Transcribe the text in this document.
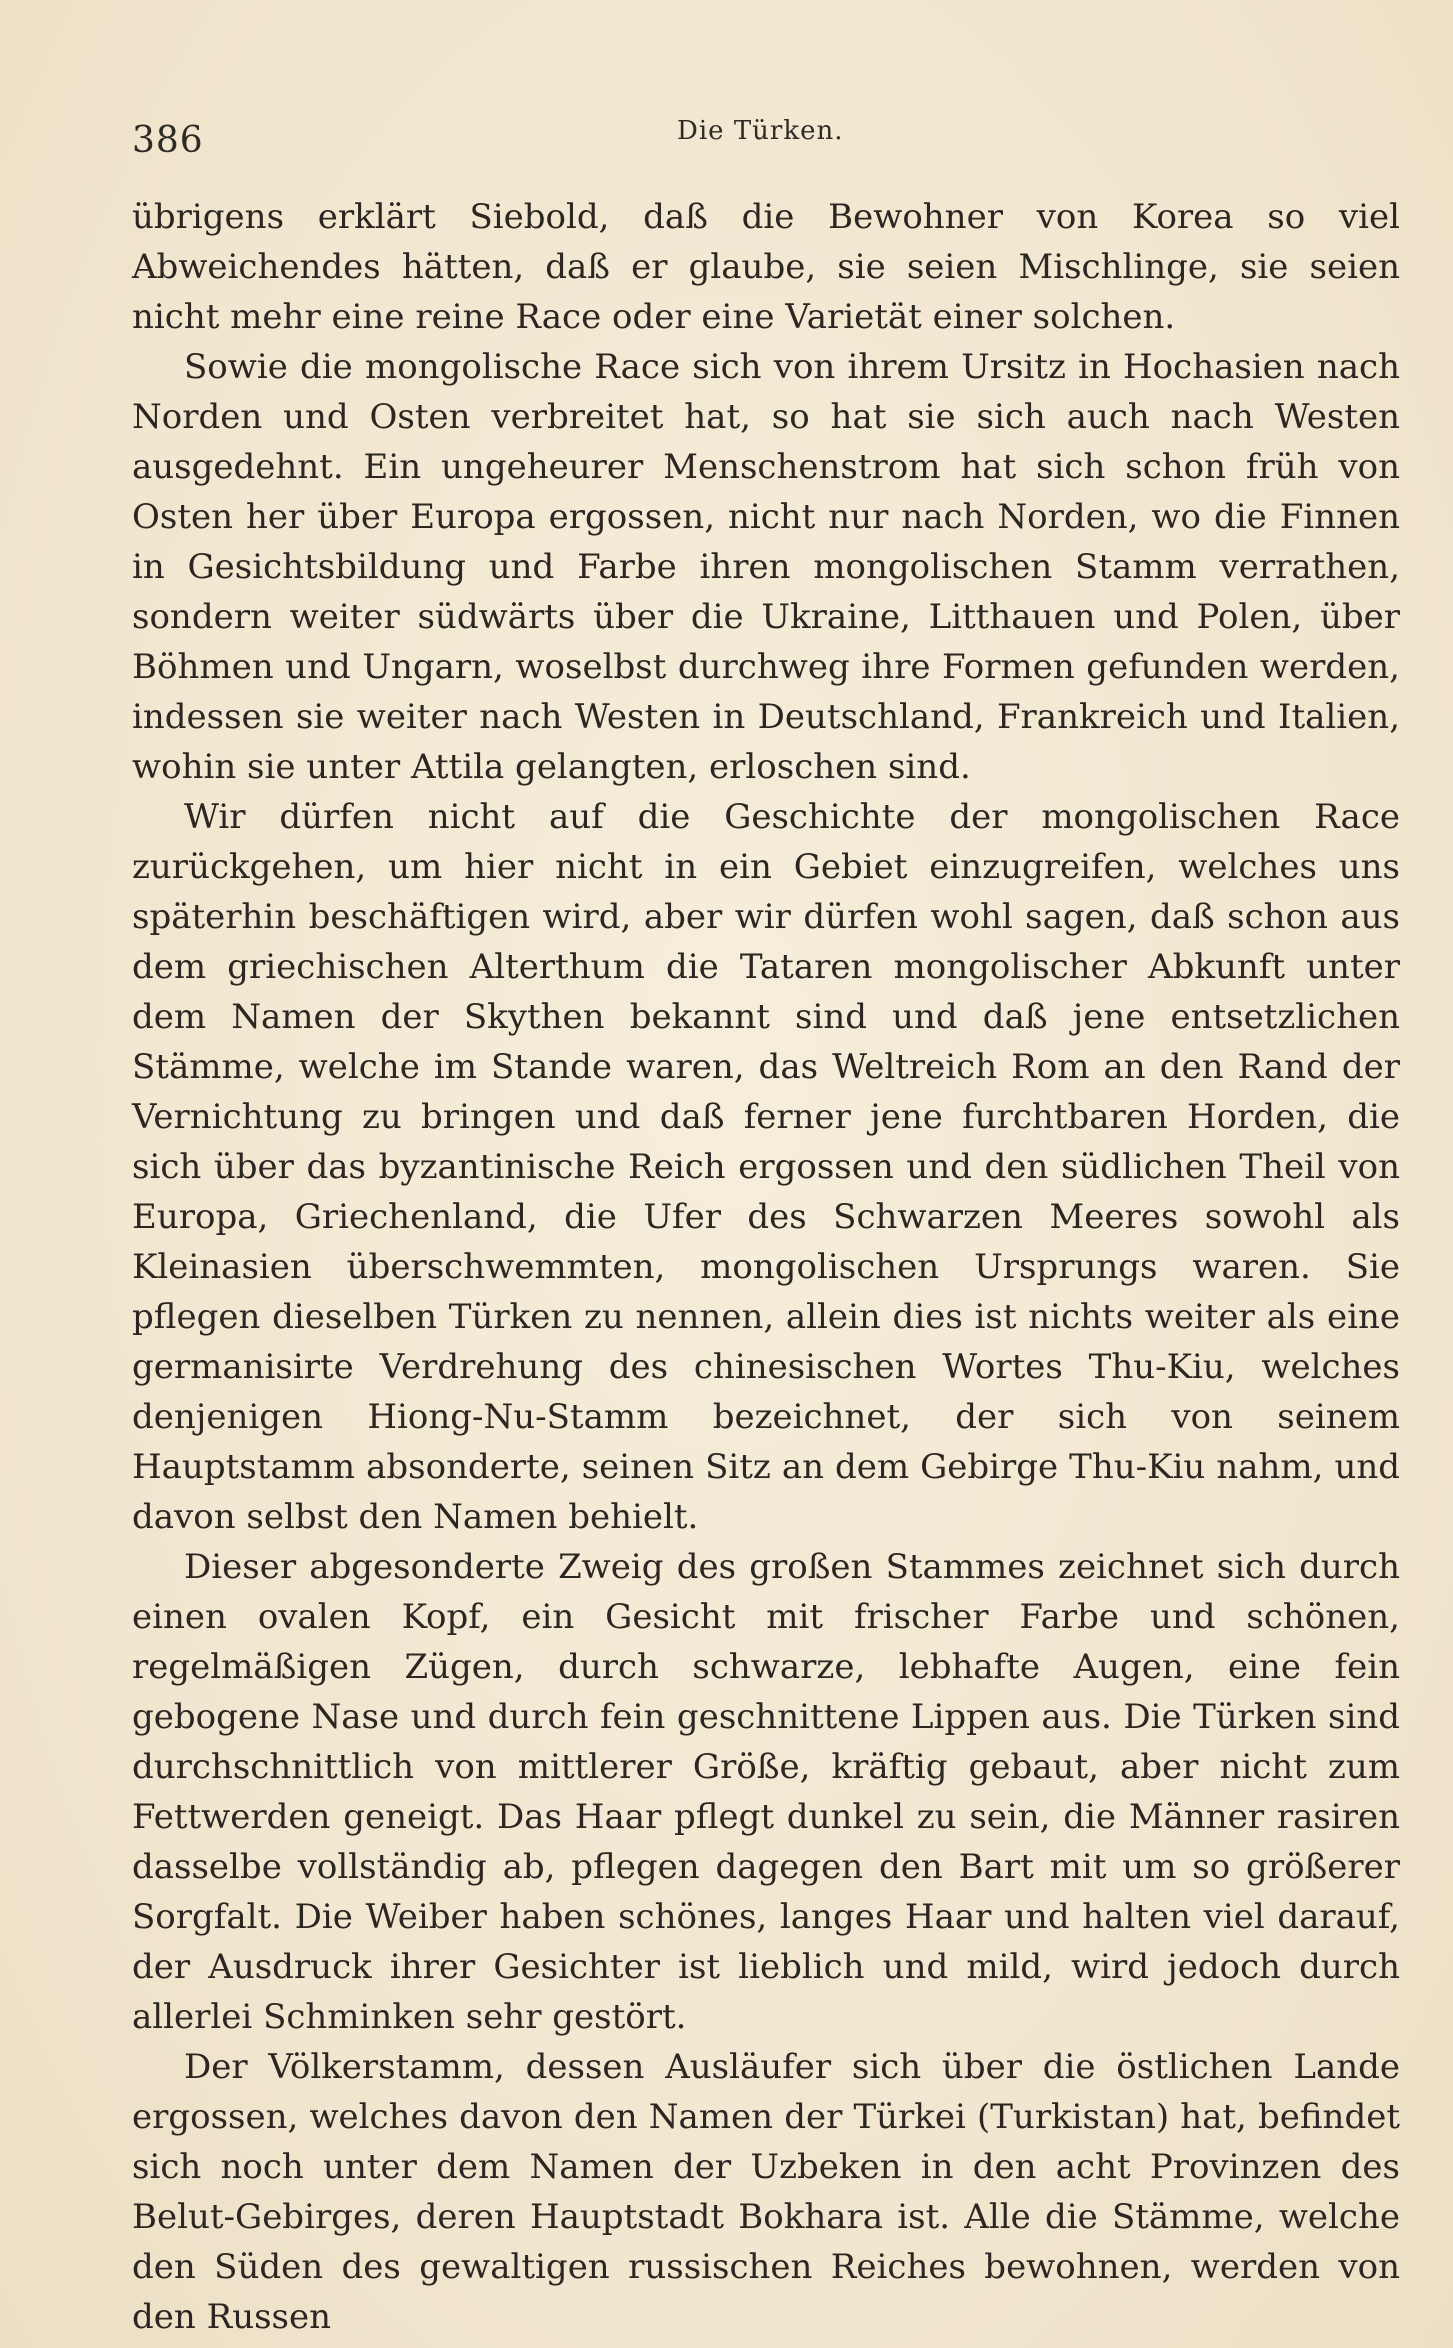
386	Die Türken.

übrigens erklärt Siebold, daß die Bewohner von Korea so viel Abweichendes hätten, daß er glaube, sie seien Mischlinge, sie seien nicht mehr eine reine Race oder eine Varietät einer solchen.

Sowie die mongolische Race sich von ihrem Ursitz in Hochasien nach Norden und Osten verbreitet hat, so hat sie sich auch nach Westen ausgedehnt. Ein ungeheurer Menschenstrom hat sich schon früh von Osten her über Europa ergossen, nicht nur nach Norden, wo die Finnen in Gesichtsbildung und Farbe ihren mongolischen Stamm verrathen, sondern weiter südwärts über die Ukraine, Litthauen und Polen, über Böhmen und Ungarn, woselbst durchweg ihre Formen gefunden werden, indessen sie weiter nach Westen in Deutschland, Frankreich und Italien, wohin sie unter Attila gelangten, erloschen sind.

Wir dürfen nicht auf die Geschichte der mongolischen Race zurückgehen, um hier nicht in ein Gebiet einzugreifen, welches uns späterhin beschäftigen wird, aber wir dürfen wohl sagen, daß schon aus dem griechischen Alterthum die Tataren mongolischer Abkunft unter dem Namen der Skythen bekannt sind und daß jene entsetzlichen Stämme, welche im Stande waren, das Weltreich Rom an den Rand der Vernichtung zu bringen und daß ferner jene furchtbaren Horden, die sich über das byzantinische Reich ergossen und den südlichen Theil von Europa, Griechenland, die Ufer des Schwarzen Meeres sowohl als Kleinasien überschwemmten, mongolischen Ursprungs waren. Sie pflegen dieselben Türken zu nennen, allein dies ist nichts weiter als eine germanisirte Verdrehung des chinesischen Wortes Thu-Kiu, welches denjenigen Hiong-Nu-Stamm bezeichnet, der sich von seinem Hauptstamm absonderte, seinen Sitz an dem Gebirge Thu-Kiu nahm, und davon selbst den Namen behielt.

Dieser abgesonderte Zweig des großen Stammes zeichnet sich durch einen ovalen Kopf, ein Gesicht mit frischer Farbe und schönen, regelmäßigen Zügen, durch schwarze, lebhafte Augen, eine fein gebogene Nase und durch fein geschnittene Lippen aus. Die Türken sind durchschnittlich von mittlerer Größe, kräftig gebaut, aber nicht zum Fettwerden geneigt. Das Haar pflegt dunkel zu sein, die Männer rasiren dasselbe vollständig ab, pflegen dagegen den Bart mit um so größerer Sorgfalt. Die Weiber haben schönes, langes Haar und halten viel darauf, der Ausdruck ihrer Gesichter ist lieblich und mild, wird jedoch durch allerlei Schminken sehr gestört.

Der Völkerstamm, dessen Ausläufer sich über die östlichen Lande ergossen, welches davon den Namen der Türkei (Turkistan) hat, befindet sich noch unter dem Namen der Uzbeken in den acht Provinzen des Belut-Gebirges, deren Hauptstadt Bokhara ist. Alle die Stämme, welche den Süden des gewaltigen russischen Reiches bewohnen, werden von den Russen
